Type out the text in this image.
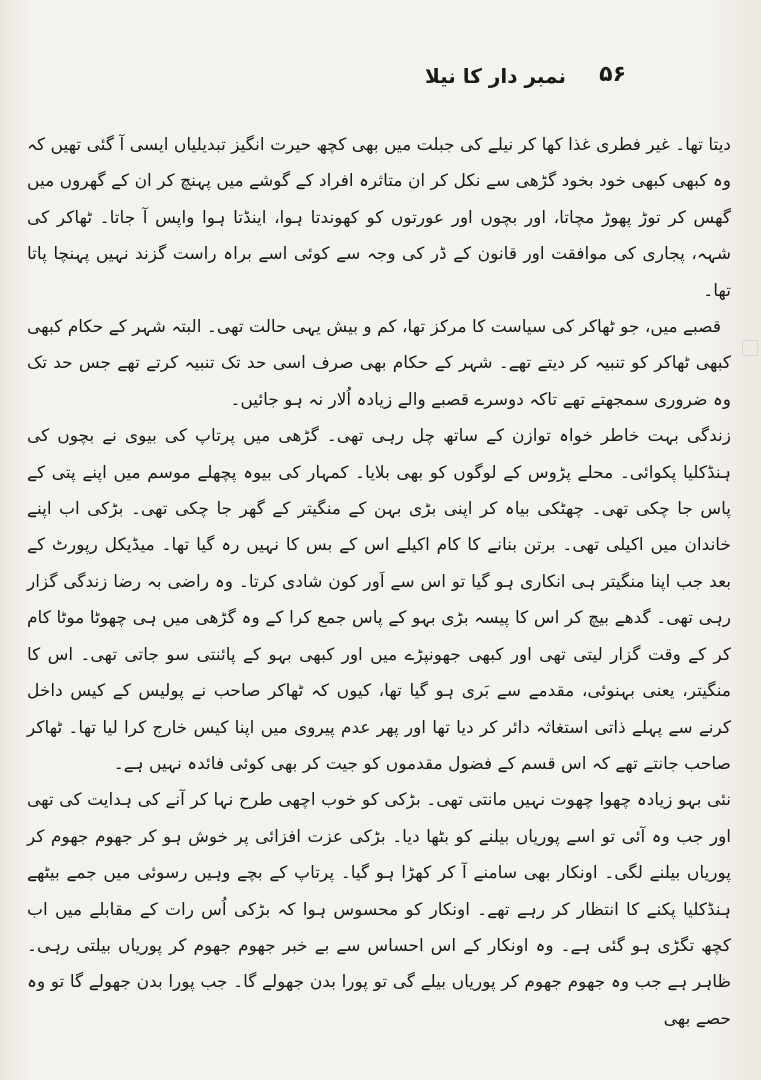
نمبر دار کا نیلا ۵۶

دیتا تھا۔ غیر فطری غذا کھا کر نیلے کی جبلت میں بھی کچھ حیرت انگیز تبدیلیاں ایسی آ گئی تھیں کہ وہ کبھی کبھی خود بخود گڑھی سے نکل کر ان متاثرہ افراد کے گوشے میں پہنچ کر ان کے گھروں میں گھس کر توڑ پھوڑ مچاتا، اور بچوں اور عورتوں کو کھوندتا ہوا، اینڈتا ہوا واپس آ جاتا۔ ٹھاکر کی شہہ، پجاری کی موافقت اور قانون کے ڈر کی وجہ سے کوئی اسے براہ راست گزند نہیں پہنچا پاتا تھا۔

قصبے میں، جو ٹھاکر کی سیاست کا مرکز تھا، کم و بیش یہی حالت تھی۔ البتہ شہر کے حکام کبھی کبھی ٹھاکر کو تنبیہ کر دیتے تھے۔ شہر کے حکام بھی صرف اسی حد تک تنبیہ کرتے تھے جس حد تک وہ ضروری سمجھتے تھے تاکہ دوسرے قصبے والے زیادہ اُلار نہ ہو جائیں۔

زندگی بہت خاطر خواہ توازن کے ساتھ چل رہی تھی۔ گڑھی میں پرتاپ کی بیوی نے بچوں کی ہنڈکلیا پکوائی۔ محلے پڑوس کے لوگوں کو بھی بلایا۔ کمہار کی بیوہ پچھلے موسم میں اپنے پتی کے پاس جا چکی تھی۔ چھٹکی بیاہ کر اپنی بڑی بہن کے منگیتر کے گھر جا چکی تھی۔ بڑکی اب اپنے خاندان میں اکیلی تھی۔ برتن بنانے کا کام اکیلے اس کے بس کا نہیں رہ گیا تھا۔ میڈیکل رپورٹ کے بعد جب اپنا منگیتر ہی انکاری ہو گیا تو اس سے اَور کون شادی کرتا۔ وہ راضی بہ رضا زندگی گزار رہی تھی۔ گدھے بیچ کر اس کا پیسہ بڑی بہو کے پاس جمع کرا کے وہ گڑھی میں ہی چھوٹا موٹا کام کر کے وقت گزار لیتی تھی اور کبھی جھونپڑے میں اور کبھی بہو کے پائنتی سو جاتی تھی۔ اس کا منگیتر، یعنی بہنوئی، مقدمے سے بَری ہو گیا تھا، کیوں کہ ٹھاکر صاحب نے پولیس کے کیس داخل کرنے سے پہلے ذاتی استغاثہ دائر کر دیا تھا اور پھر عدم پیروی میں اپنا کیس خارج کرا لیا تھا۔ ٹھاکر صاحب جانتے تھے کہ اس قسم کے فضول مقدموں کو جیت کر بھی کوئی فائدہ نہیں ہے۔

نئی بہو زیادہ چھوا چھوت نہیں مانتی تھی۔ بڑکی کو خوب اچھی طرح نہا کر آنے کی ہدایت کی تھی اور جب وہ آئی تو اسے پوریاں بیلنے کو بٹھا دیا۔ بڑکی عزت افزائی پر خوش ہو کر جھوم جھوم کر پوریاں بیلنے لگی۔ اونکار بھی سامنے آ کر کھڑا ہو گیا۔ پرتاپ کے بچے وہیں رسوئی میں جمے بیٹھے ہنڈکلیا پکنے کا انتظار کر رہے تھے۔ اونکار کو محسوس ہوا کہ بڑکی اُس رات کے مقابلے میں اب کچھ تگڑی ہو گئی ہے۔ وہ اونکار کے اس احساس سے بے خبر جھوم جھوم کر پوریاں بیلتی رہی۔ ظاہر ہے جب وہ جھوم جھوم کر پوریاں بیلے گی تو پورا بدن جھولے گا۔ جب پورا بدن جھولے گا تو وہ حصے بھی
